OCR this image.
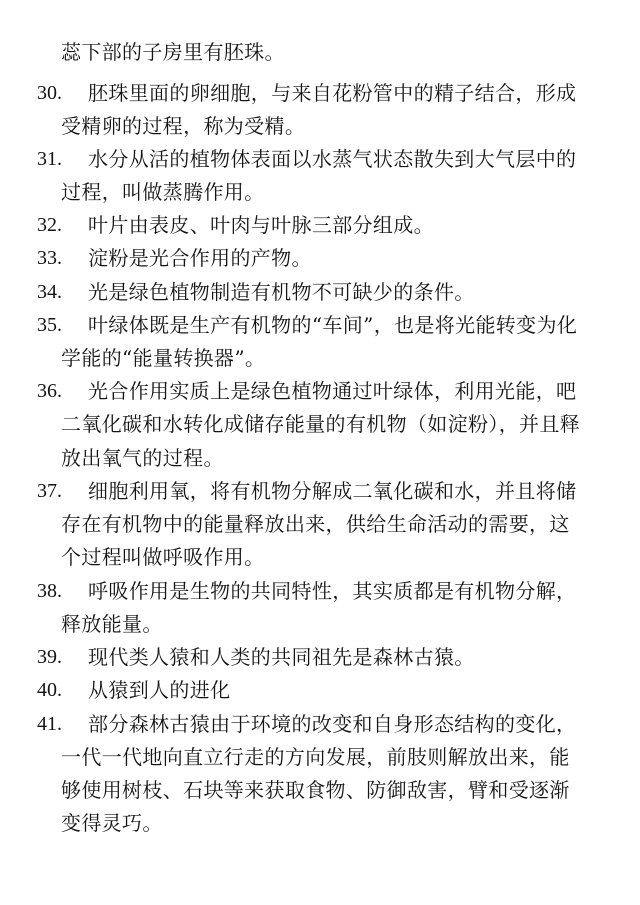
蕊下部的子房里有胚珠。
30. 胚珠里面的卵细胞，与来自花粉管中的精子结合，形成
受精卵的过程，称为受精。
31. 水分从活的植物体表面以水蒸气状态散失到大气层中的
过程，叫做蒸腾作用。
32. 叶片由表皮、叶肉与叶脉三部分组成。
33. 淀粉是光合作用的产物。
34. 光是绿色植物制造有机物不可缺少的条件。
35. 叶绿体既是生产有机物的“车间”，也是将光能转变为化
学能的“能量转换器”。
36. 光合作用实质上是绿色植物通过叶绿体，利用光能，吧
二氧化碳和水转化成储存能量的有机物（如淀粉），并且释
放出氧气的过程。
37. 细胞利用氧，将有机物分解成二氧化碳和水，并且将储
存在有机物中的能量释放出来，供给生命活动的需要，这
个过程叫做呼吸作用。
38. 呼吸作用是生物的共同特性，其实质都是有机物分解，
释放能量。
39. 现代类人猿和人类的共同祖先是森林古猿。
40. 从猿到人的进化
41. 部分森林古猿由于环境的改变和自身形态结构的变化，
一代一代地向直立行走的方向发展，前肢则解放出来，能
够使用树枝、石块等来获取食物、防御敌害，臂和受逐渐
变得灵巧。
